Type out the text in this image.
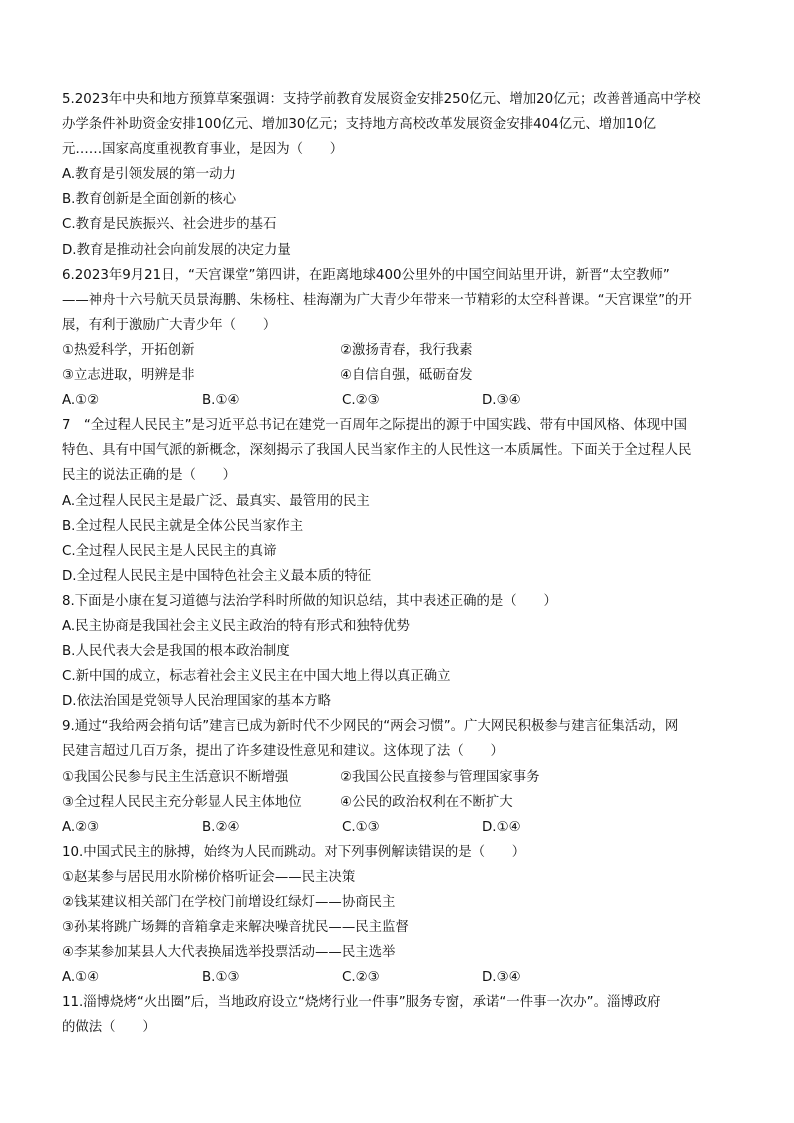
5.2023年中央和地方预算草案强调：支持学前教育发展资金安排250亿元、增加20亿元；改善普通高中学校
办学条件补助资金安排100亿元、增加30亿元；支持地方高校改革发展资金安排404亿元、增加10亿
元……国家高度重视教育事业，是因为（　　）
A.教育是引领发展的第一动力
B.教育创新是全面创新的核心
C.教育是民族振兴、社会进步的基石
D.教育是推动社会向前发展的决定力量
6.2023年9月21日，“天宫课堂”第四讲，在距离地球400公里外的中国空间站里开讲，新晋“太空教师”
——神舟十六号航天员景海鹏、朱杨柱、桂海潮为广大青少年带来一节精彩的太空科普课。“天宫课堂”的开
展，有利于激励广大青少年（　　）
①热爱科学，开拓创新	②激扬青春，我行我素
③立志进取，明辨是非	④自信自强，砥砺奋发
A.①②	B.①④	C.②③	D.③④
7　“全过程人民民主”是习近平总书记在建党一百周年之际提出的源于中国实践、带有中国风格、体现中国
特色、具有中国气派的新概念，深刻揭示了我国人民当家作主的人民性这一本质属性。下面关于全过程人民
民主的说法正确的是（　　）
A.全过程人民民主是最广泛、最真实、最管用的民主
B.全过程人民民主就是全体公民当家作主
C.全过程人民民主是人民民主的真谛
D.全过程人民民主是中国特色社会主义最本质的特征
8.下面是小康在复习道德与法治学科时所做的知识总结，其中表述正确的是（　　）
A.民主协商是我国社会主义民主政治的特有形式和独特优势
B.人民代表大会是我国的根本政治制度
C.新中国的成立，标志着社会主义民主在中国大地上得以真正确立
D.依法治国是党领导人民治理国家的基本方略
9.通过“我给两会捎句话”建言已成为新时代不少网民的“两会习惯”。广大网民积极参与建言征集活动，网
民建言超过几百万条，提出了许多建设性意见和建议。这体现了法（　　）
①我国公民参与民主生活意识不断增强	②我国公民直接参与管理国家事务
③全过程人民民主充分彰显人民主体地位	④公民的政治权利在不断扩大
A.②③	B.②④	C.①③	D.①④
10.中国式民主的脉搏，始终为人民而跳动。对下列事例解读错误的是（　　）
①赵某参与居民用水阶梯价格听证会——民主决策
②钱某建议相关部门在学校门前增设红绿灯——协商民主
③孙某将跳广场舞的音箱拿走来解决噪音扰民——民主监督
④李某参加某县人大代表换届选举投票活动——民主选举
A.①④	B.①③	C.②③	D.③④
11.淄博烧烤“火出圈”后，当地政府设立“烧烤行业一件事”服务专窗，承诺“一件事一次办”。淄博政府
的做法（　　）
